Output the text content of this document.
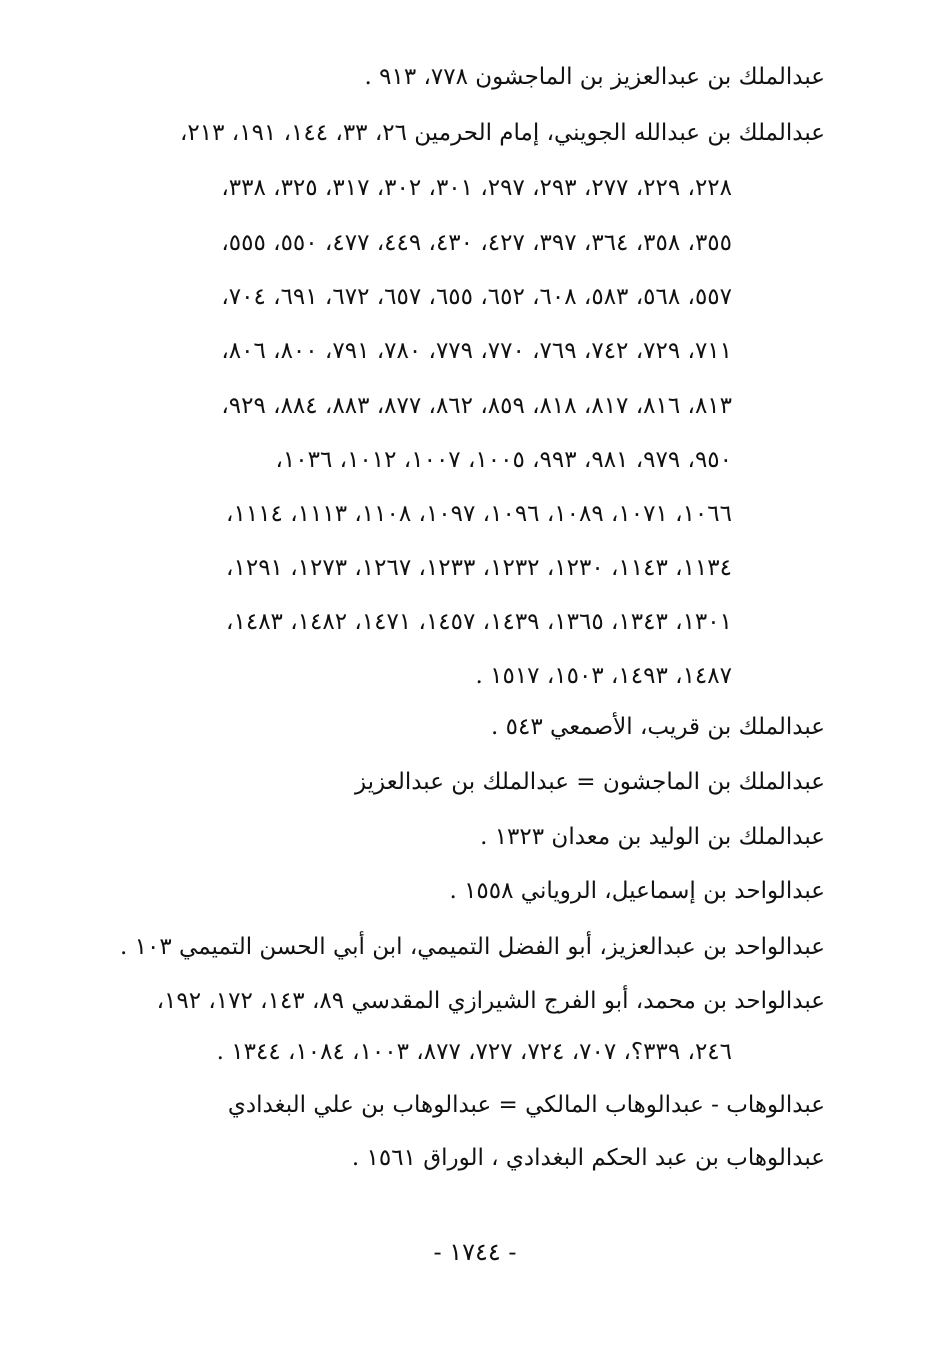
عبدالملك بن عبدالعزيز بن الماجشون ٧٧٨، ٩١٣ .
عبدالملك بن عبدالله الجويني، إمام الحرمين ٢٦، ٣٣، ١٤٤، ١٩١، ٢١٣،
٢٢٨، ٢٢٩، ٢٧٧، ٢٩٣، ٢٩٧، ٣٠١، ٣٠٢، ٣١٧، ٣٢٥، ٣٣٨،
٣٥٥، ٣٥٨، ٣٦٤، ٣٩٧، ٤٢٧، ٤٣٠، ٤٤٩، ٤٧٧، ٥٥٠، ٥٥٥،
٥٥٧، ٥٦٨، ٥٨٣، ٦٠٨، ٦٥٢، ٦٥٥، ٦٥٧، ٦٧٢، ٦٩١، ٧٠٤،
٧١١، ٧٢٩، ٧٤٢، ٧٦٩، ٧٧٠، ٧٧٩، ٧٨٠، ٧٩١، ٨٠٠، ٨٠٦،
٨١٣، ٨١٦، ٨١٧، ٨١٨، ٨٥٩، ٨٦٢، ٨٧٧، ٨٨٣، ٨٨٤، ٩٢٩،
٩٥٠، ٩٧٩، ٩٨١، ٩٩٣، ١٠٠٥، ١٠٠٧، ١٠١٢، ١٠٣٦،
١٠٦٦، ١٠٧١، ١٠٨٩، ١٠٩٦، ١٠٩٧، ١١٠٨، ١١١٣، ١١١٤،
١١٣٤، ١١٤٣، ١٢٣٠، ١٢٣٢، ١٢٣٣، ١٢٦٧، ١٢٧٣، ١٢٩١،
١٣٠١، ١٣٤٣، ١٣٦٥، ١٤٣٩، ١٤٥٧، ١٤٧١، ١٤٨٢، ١٤٨٣،
١٤٨٧، ١٤٩٣، ١٥٠٣، ١٥١٧ .
عبدالملك بن قريب، الأصمعي ٥٤٣ .
عبدالملك بن الماجشون = عبدالملك بن عبدالعزيز
عبدالملك بن الوليد بن معدان ١٣٢٣ .
عبدالواحد بن إسماعيل، الروياني ١٥٥٨ .
عبدالواحد بن عبدالعزيز، أبو الفضل التميمي، ابن أبي الحسن التميمي ١٠٣ .
عبدالواحد بن محمد، أبو الفرج الشيرازي المقدسي ٨٩، ١٤٣، ١٧٢، ١٩٢،
٢٤٦، ٣٣٩؟، ٧٠٧، ٧٢٤، ٧٢٧، ٨٧٧، ١٠٠٣، ١٠٨٤، ١٣٤٤ .
عبدالوهاب - عبدالوهاب المالكي = عبدالوهاب بن علي البغدادي
عبدالوهاب بن عبد الحكم البغدادي ، الوراق ١٥٦١ .
- ١٧٤٤ -
